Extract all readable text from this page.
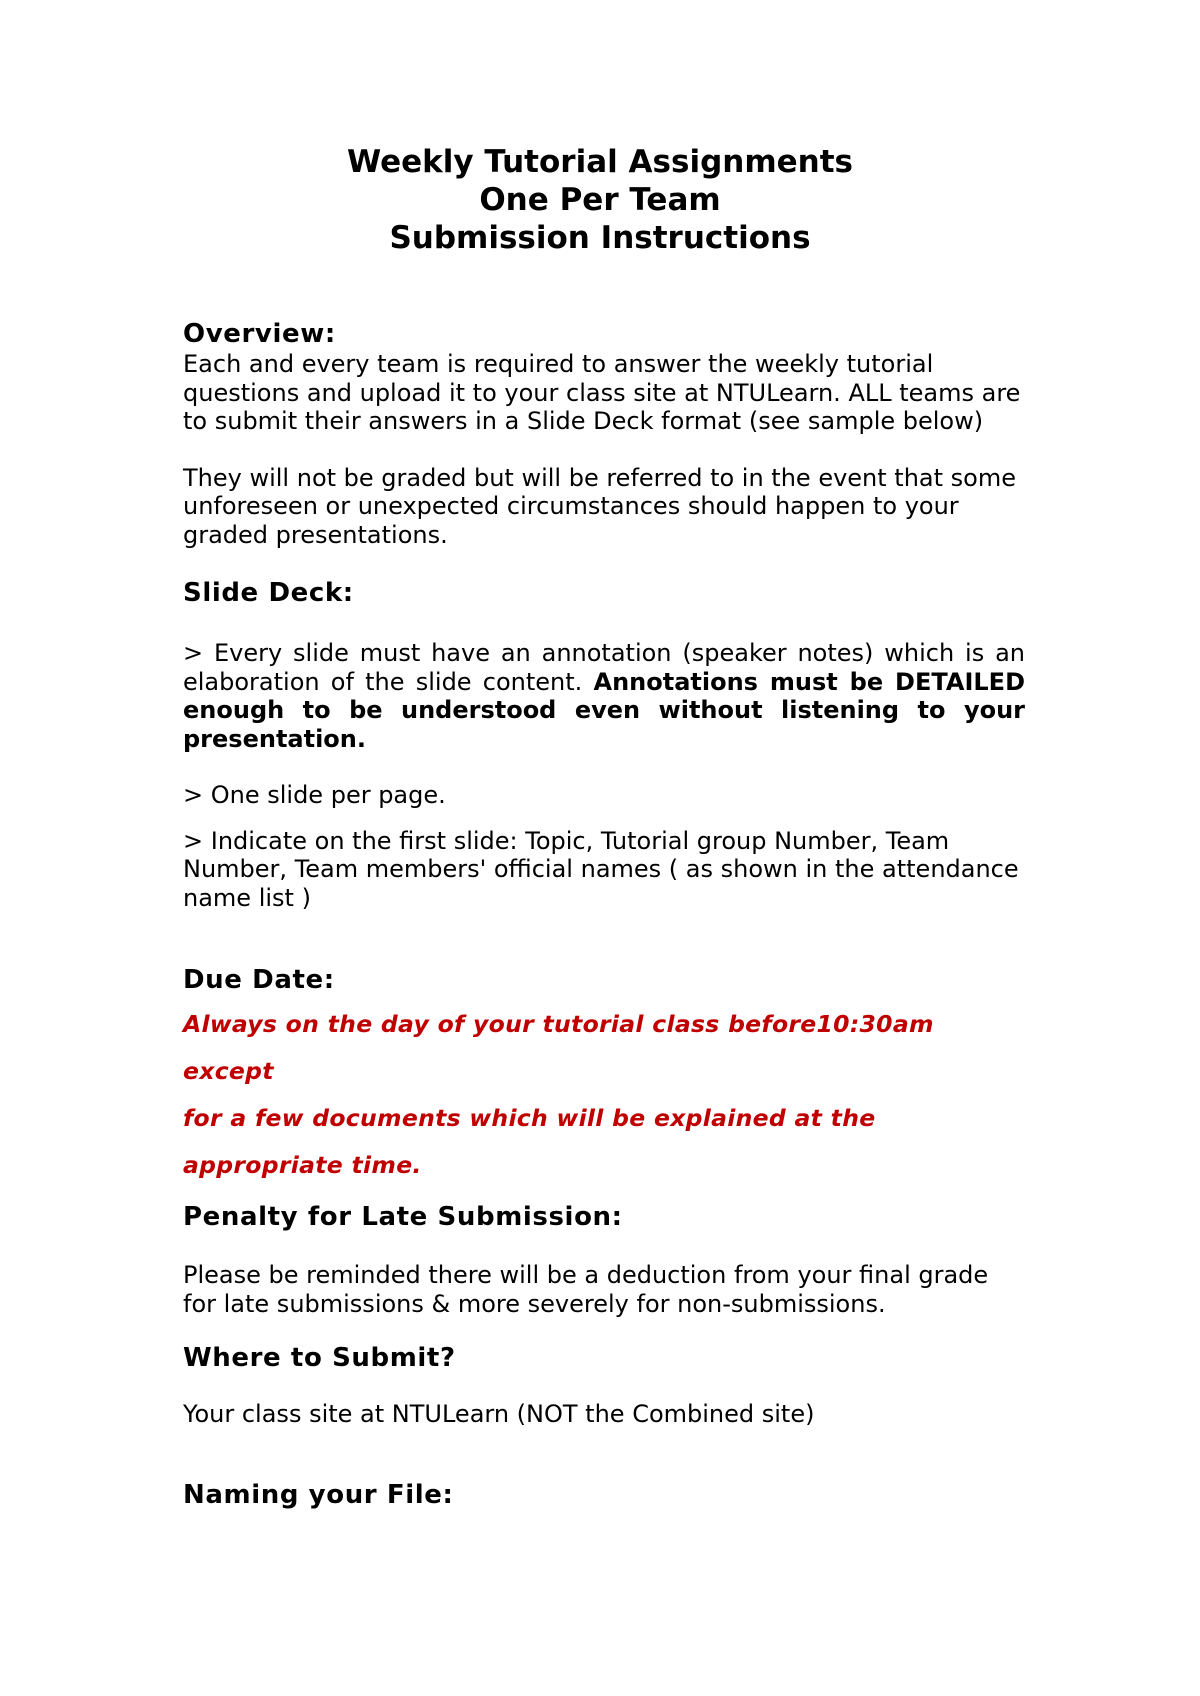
Weekly Tutorial Assignments
One Per Team
Submission Instructions

Overview:

Each and every team is required to answer the weekly tutorial questions and upload it to your class site at NTULearn. ALL teams are to submit their answers in a Slide Deck format (see sample below)

They will not be graded but will be referred to in the event that some unforeseen or unexpected circumstances should happen to your graded presentations.

Slide Deck:

> Every slide must have an annotation (speaker notes) which is an elaboration of the slide content. Annotations must be DETAILED enough to be understood even without listening to your presentation.

> One slide per page.

> Indicate on the first slide: Topic, Tutorial group Number, Team Number, Team members' official names ( as shown in the attendance name list )

Due Date:

Always on the day of your tutorial class before10:30am except

for a few documents which will be explained at the

appropriate time.

Penalty for Late Submission:

Please be reminded there will be a deduction from your final grade for late submissions & more severely for non-submissions.

Where to Submit?

Your class site at NTULearn (NOT the Combined site)

Naming your File:
